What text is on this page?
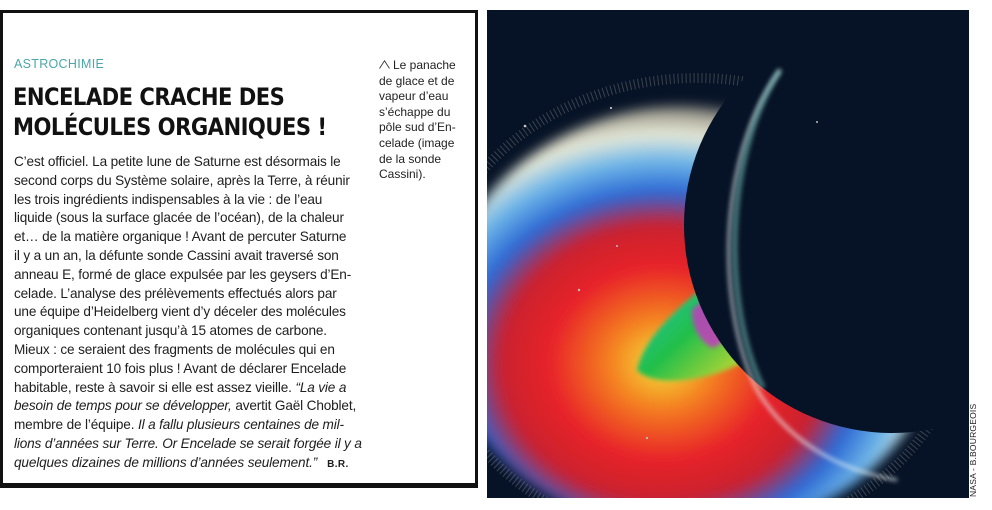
ASTROCHIMIE
ENCELADE CRACHE DES
MOLÉCULES ORGANIQUES !
C’est officiel. La petite lune de Saturne est désormais le
second corps du Système solaire, après la Terre, à réunir
les trois ingrédients indispensables à la vie : de l’eau
liquide (sous la surface glacée de l’océan), de la chaleur
et… de la matière organique ! Avant de percuter Saturne
il y a un an, la défunte sonde Cassini avait traversé son
anneau E, formé de glace expulsée par les geysers d’En-
celade. L’analyse des prélèvements effectués alors par
une équipe d’Heidelberg vient d’y déceler des molécules
organiques contenant jusqu’à 15 atomes de carbone.
Mieux : ce seraient des fragments de molécules qui en
comporteraient 10 fois plus ! Avant de déclarer Encelade
habitable, reste à savoir si elle est assez vieille. “La vie a
besoin de temps pour se développer, avertit Gaël Choblet,
membre de l’équipe. Il a fallu plusieurs centaines de mil-
lions d’années sur Terre. Or Encelade se serait forgée il y a
quelques dizaines de millions d’années seulement.” B.R.
Le panache
de glace et de
vapeur d’eau
s’échappe du
pôle sud d’En-
celade (image
de la sonde
Cassini).
NASA - B.BOURGEOIS
